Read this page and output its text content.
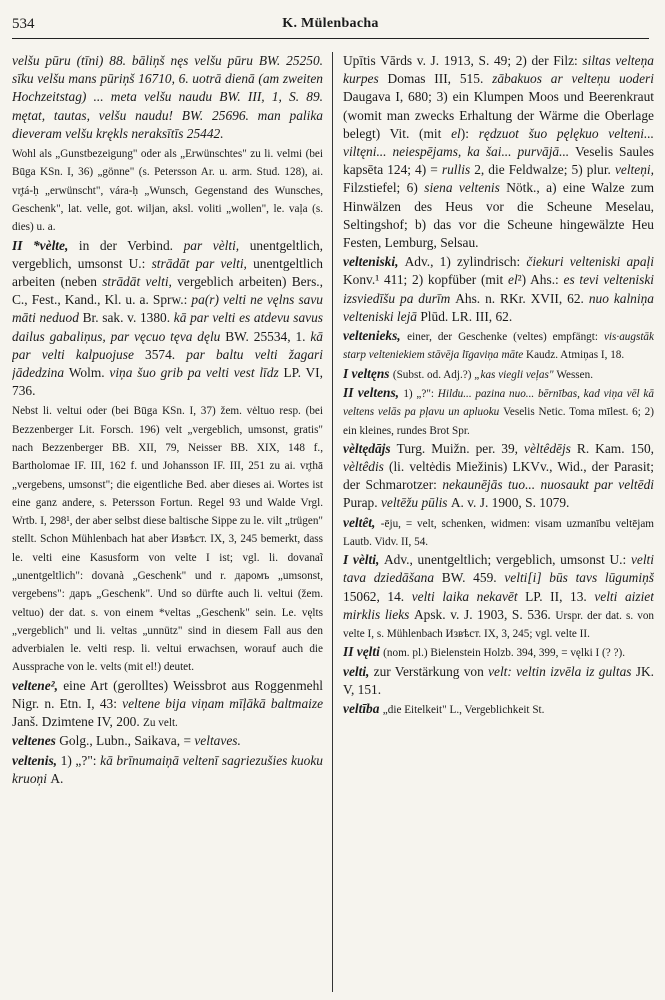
534	K. Mülenbacha

velšu pūru (tīni) 88. bāliņš nęs velšu pūru BW. 25250. sīku velšu mans pūriņš 16710, 6. uotrā dienā (am zweiten Hochzeitstag) ... meta velšu naudu BW. III, 1, S. 89. mętat, tautas, velšu naudu! BW. 25696. man palika dieveram velšu krękls neraksītīs 25442.

Wohl als „Gunstbezeigung" oder als „Erwünschtes" zu li. velmi (bei Būga KSn. I, 36) „gönne" (s. Petersson Ar. u. arm. Stud. 128), ai. vr̥tá-ḥ „erwünscht", vára-ḥ „Wunsch, Gegenstand des Wunsches, Geschenk", lat. velle, got. wiljan, aksl. voliti „wollen", le. vaļa (s. dies) u. a.

II *vèlte, in der Verbind. par vèlti, unentgeltlich, vergeblich, umsonst U.: strādāt par velti, unentgeltlich arbeiten (neben strādāt velti, vergeblich arbeiten) Bers., C., Fest., Kand., Kl. u. a. Sprw.: pa(r) velti ne vęlns savu māti neduod Br. sak. v. 1380. kā par velti es atdevu savus dailus gabaliņus, par vęcuo tęva dęlu BW. 25534, 1. kā par velti kalpuojuse 3574. par baltu velti žagari jādedzina Wolm. viņa šuo grib pa velti vest līdz LP. VI, 736.

Nebst li. veltui oder (bei Būga KSn. I, 37) žem. vėltuo resp. (bei Bezzenberger Lit. Forsch. 196) velt „vergeblich, umsonst, gratis" nach Bezzenberger BB. XII, 79, Neisser BB. XIX, 148 f., Bartholomae IF. III, 162 f. und Johansson IF. III, 251 zu ai. vr̥thā „vergebens, umsonst"; die eigentliche Bed. aber dieses ai. Wortes ist eine ganz andere, s. Petersson Fortun. Regel 93 und Walde Vrgl. Wrtb. I, 298¹, der aber selbst diese baltische Sippe zu le. vilt „trügen" stellt. Schon Mühlenbach hat aber Извѣст. IX, 3, 245 bemerkt, dass le. velti eine Kasusform von velte I ist; vgl. li. dovanaĩ „unentgeltlich": dovanà „Geschenk" und r. даромъ „umsonst, vergebens": даръ „Geschenk". Und so dürfte auch li. veltui (žem. veltuo) der dat. s. von einem *veltas „Geschenk" sein. Le. vęlts „vergeblich" und li. veltas „unnütz" sind in diesem Fall aus den adverbialen le. velti resp. li. veltui erwachsen, worauf auch die Aussprache von le. velts (mit el!) deutet.

veltene², eine Art (gerolltes) Weissbrot aus Roggenmehl Nigr. n. Etn. I, 43: veltene bija viņam mīļākā baltmaize Janš. Dzimtene IV, 200. Zu velt.

veltenes Golg., Lubn., Saikava, = veltaves.

veltenis, 1) „?": kā brīnumaiņā veltenī sagriezušies kuoku kruoņi A.

Upītis Vārds v. J. 1913, S. 49; 2) der Filz: siltas velteņa kurpes Domas III, 515. zābakuos ar velteņu uoderi Daugava I, 680; 3) ein Klumpen Moos und Beerenkraut (womit man zwecks Erhaltung der Wärme die Oberlage belegt) Vit. (mit el): rędzuot šuo pęlękuo velteni... viltęni... neiespējams, ka šai... purvājā... Veselis Saules kapsēta 124; 4) = rullis 2, die Feldwalze; 5) plur. velteņi, Filzstiefel; 6) siena veltenis Nötk., a) eine Walze zum Hinwälzen des Heus vor die Scheune Meselau, Seltingshof; b) das vor die Scheune hingewälzte Heu Festen, Lemburg, Selsau.

velteniski, Adv., 1) zylindrisch: čiekuri velteniski apaļi Konv.¹ 411; 2) kopfüber (mit el²) Ahs.: es tevi velteniski izsviedīšu pa durīm Ahs. n. RKr. XVII, 62. nuo kalniņa velteniski lejā Plūd. LR. III, 62.

veltenieks, einer, der Geschenke (veltes) empfängt: vis·augstāk starp velteniekiem stāvēja līgaviņa māte Kaudz. Atmiņas I, 18.

I veltęns (Subst. od. Adj.?) „kas viegli veļas" Wessen.

II veltens, 1) „?": Hildu... pazina nuo... bērnības, kad viņa vēl kā veltens velās pa pļavu un apluoku Veselis Netic. Toma mīlest. 6; 2) ein kleines, rundes Brot Spr.

vèltędājs Turg. Muižn. per. 39, vèltêdējs R. Kam. 150, vèltêdis (li. veltėdis Miežinis) LKVv., Wid., der Parasit; der Schmarotzer: nekaunējās tuo... nuosaukt par veltēdi Purap. veltēžu pūlis A. v. J. 1900, S. 1079.

veltêt, -ēju, = velt, schenken, widmen: visam uzmanību veltējam Lautb. Vidv. II, 54.

I vèlti, Adv., unentgeltlich; vergeblich, umsonst U.: velti tava dziedāšana BW. 459. velti[i] būs tavs lūgumiņš 15062, 14. velti laika nekavēt LP. II, 13. velti aiziet mirklis lieks Apsk. v. J. 1903, S. 536. Urspr. der dat. s. von velte I, s. Mühlenbach Извѣст. IX, 3, 245; vgl. velte II.

II vęlti (nom. pl.) Bielenstein Holzb. 394, 399, = vęlki I (? ?).

velti, zur Verstärkung von velt: veltin izvēla iz gultas JK. V, 151.

veltība „die Eitelkeit" L., Vergeblichkeit St.
